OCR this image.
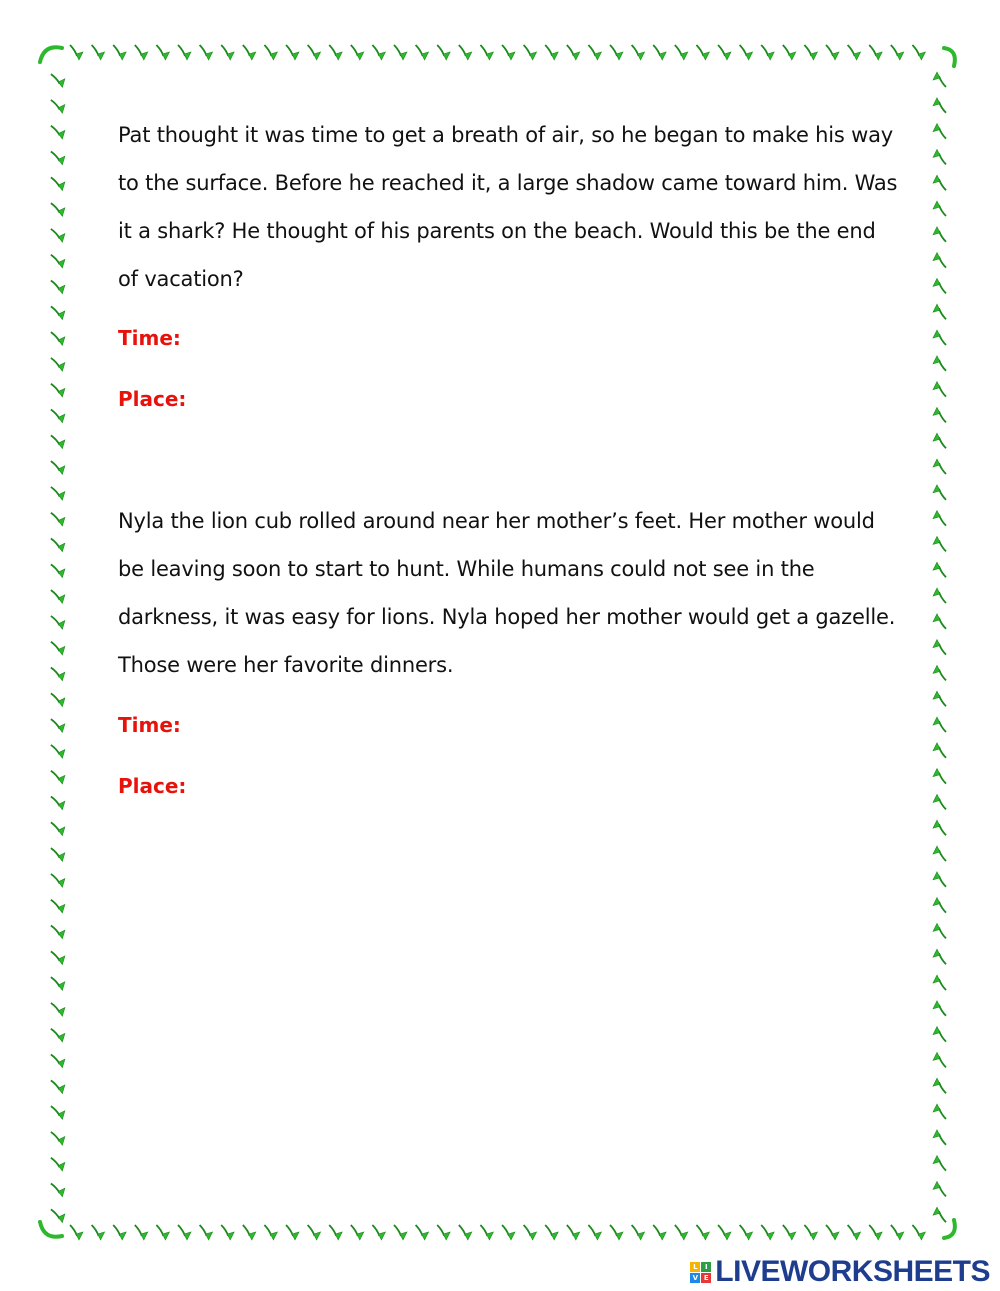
Pat thought it was time to get a breath of air, so he began to make his way to the surface. Before he reached it, a large shadow came toward him. Was it a shark? He thought of his parents on the beach. Would this be the end of vacation?

Time:

Place:

Nyla the lion cub rolled around near her mother’s feet. Her mother would be leaving soon to start to hunt. While humans could not see in the darkness, it was easy for lions. Nyla hoped her mother would get a gazelle. Those were her favorite dinners.

Time:

Place:

L	I
V E LIVEWORKSHEETS
